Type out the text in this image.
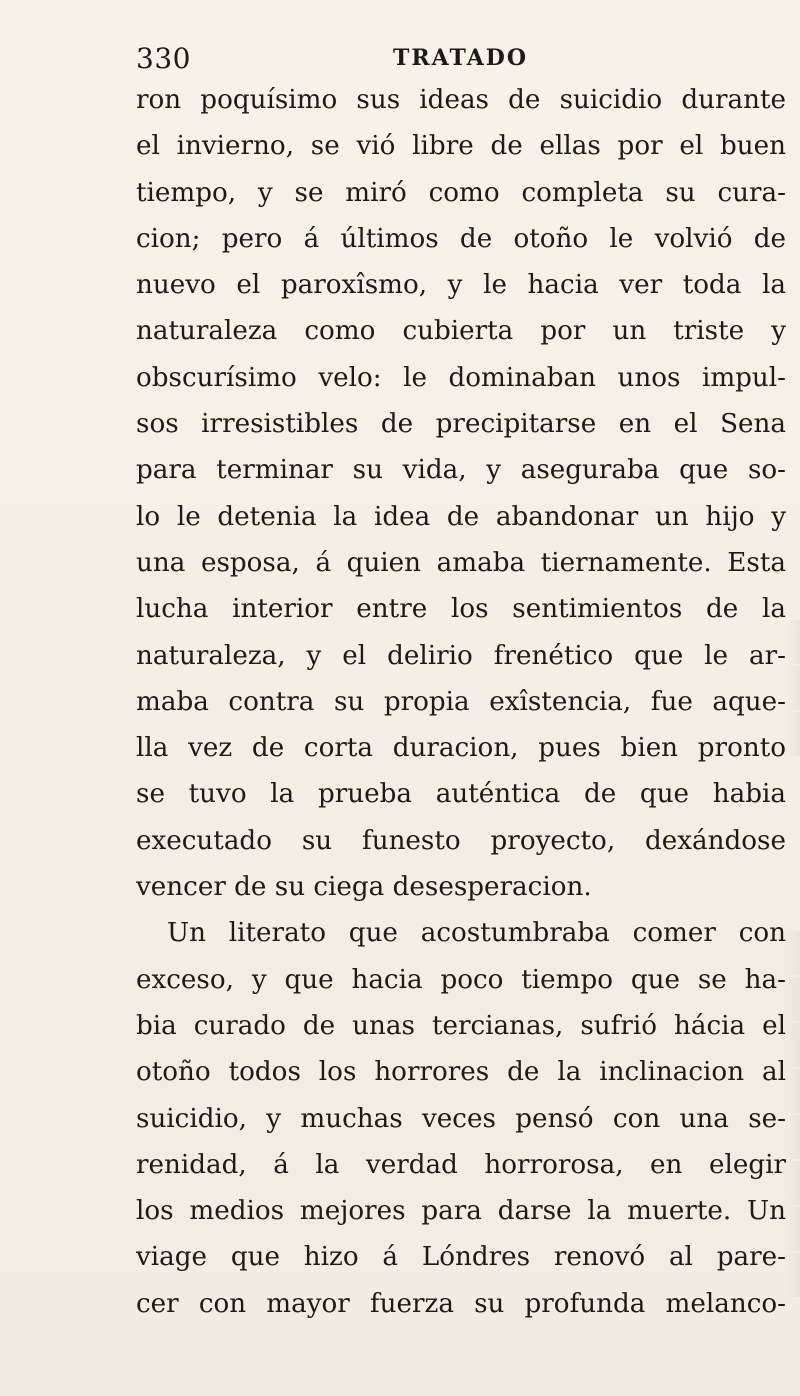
330	TRATADO
ron poquísimo sus ideas de suicidio durante
el invierno, se vió libre de ellas por el buen
tiempo, y se miró como completa su cura-
cion; pero á últimos de otoño le volvió de
nuevo el paroxîsmo, y le hacia ver toda la
naturaleza como cubierta por un triste y
obscurísimo velo: le dominaban unos impul-
sos irresistibles de precipitarse en el Sena
para terminar su vida, y aseguraba que so-
lo le detenia la idea de abandonar un hijo y
una esposa, á quien amaba tiernamente. Esta
lucha interior entre los sentimientos de la
naturaleza, y el delirio frenético que le ar-
maba contra su propia exîstencia, fue aque-
lla vez de corta duracion, pues bien pronto
se tuvo la prueba auténtica de que habia
executado su funesto proyecto, dexándose
vencer de su ciega desesperacion.
Un literato que acostumbraba comer con
exceso, y que hacia poco tiempo que se ha-
bia curado de unas tercianas, sufrió hácia el
otoño todos los horrores de la inclinacion al
suicidio, y muchas veces pensó con una se-
renidad, á la verdad horrorosa, en elegir
los medios mejores para darse la muerte. Un
viage que hizo á Lóndres renovó al pare-
cer con mayor fuerza su profunda melanco-
